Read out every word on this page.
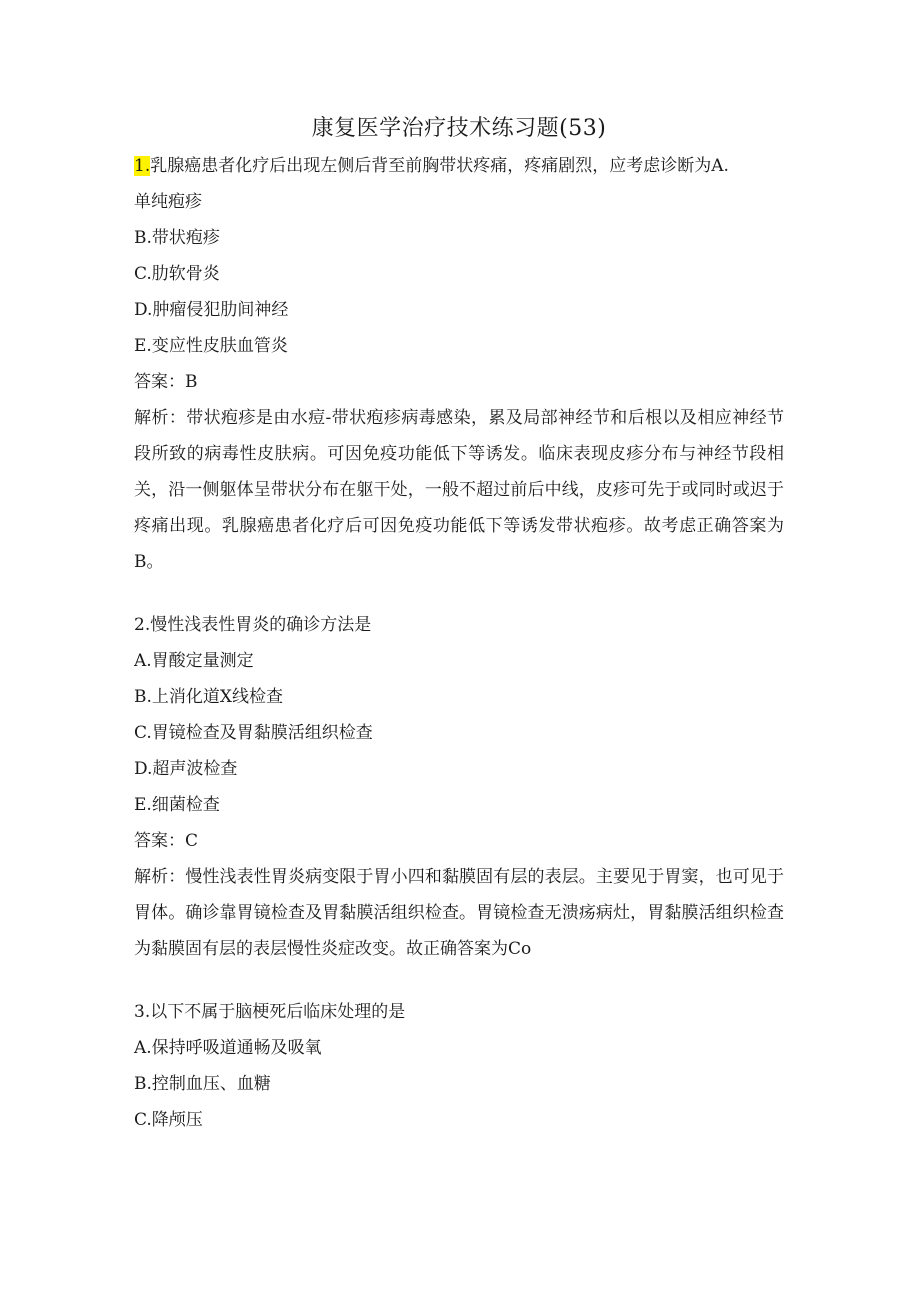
康复医学治疗技术练习题(53)
1.乳腺癌患者化疗后出现左侧后背至前胸带状疼痛，疼痛剧烈，应考虑诊断为A.
单纯疱疹
B.带状疱疹
C.肋软骨炎
D.肿瘤侵犯肋间神经
E.变应性皮肤血管炎
答案：B
解析：带状疱疹是由水痘-带状疱疹病毒感染，累及局部神经节和后根以及相应神经节段所致的病毒性皮肤病。可因免疫功能低下等诱发。临床表现皮疹分布与神经节段相关，沿一侧躯体呈带状分布在躯干处，一般不超过前后中线，皮疹可先于或同时或迟于疼痛出现。乳腺癌患者化疗后可因免疫功能低下等诱发带状疱疹。故考虑正确答案为B。
2.慢性浅表性胃炎的确诊方法是
A.胃酸定量测定
B.上消化道X线检查
C.胃镜检查及胃黏膜活组织检查
D.超声波检查
E.细菌检查
答案：C
解析：慢性浅表性胃炎病变限于胃小四和黏膜固有层的表层。主要见于胃窦，也可见于胃体。确诊靠胃镜检查及胃黏膜活组织检查。胃镜检查无溃疡病灶，胃黏膜活组织检查为黏膜固有层的表层慢性炎症改变。故正确答案为Co
3.以下不属于脑梗死后临床处理的是
A.保持呼吸道通畅及吸氧
B.控制血压、血糖
C.降颅压
